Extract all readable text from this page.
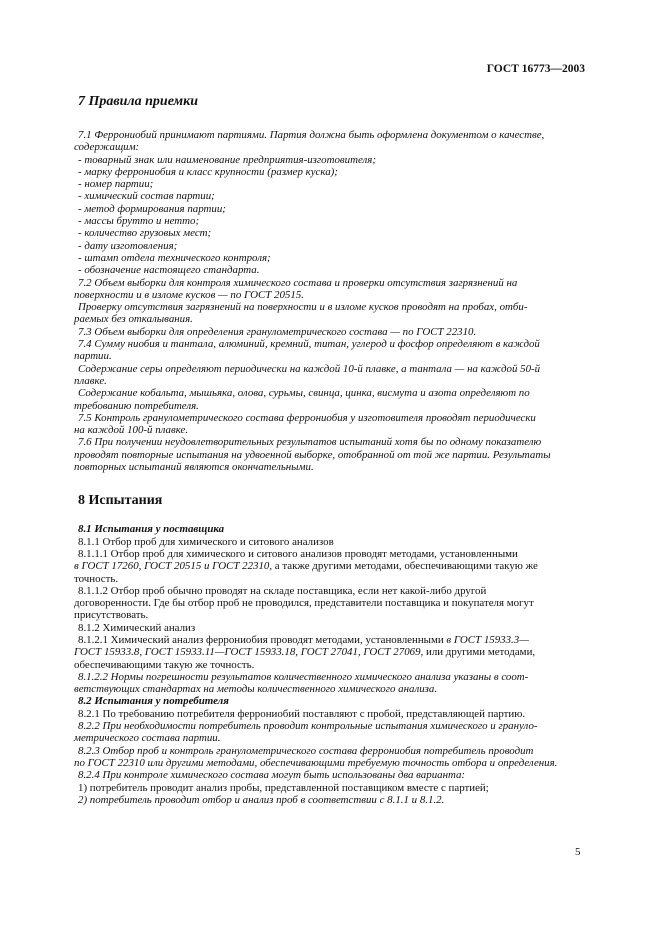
ГОСТ 16773—2003
7 Правила приемки

7.1 Феррониобий принимают партиями. Партия должна быть оформлена документом о качестве,

содержащим:

- товарный знак или наименование предприятия-изготовителя;

- марку феррониобия и класс крупности (размер куска);

- номер партии;

- химический состав партии;

- метод формирования партии;

- массы брутто и нетто;

- количество грузовых мест;

- дату изготовления;

- штамп отдела технического контроля;

- обозначение настоящего стандарта.

7.2 Объем выборки для контроля химического состава и проверки отсутствия загрязнений на

поверхности и в изломе кусков — по ГОСТ 20515.

Проверку отсутствия загрязнений на поверхности и в изломе кусков проводят на пробах, отби-

раемых без откалывания.

7.3 Объем выборки для определения гранулометрического состава — по ГОСТ 22310.

7.4 Сумму ниобия и тантала, алюминий, кремний, титан, углерод и фосфор определяют в каждой

партии.

Содержание серы определяют периодически на каждой 10-й плавке, а тантала — на каждой 50-й

плавке.

Содержание кобальта, мышьяка, олова, сурьмы, свинца, цинка, висмута и азота определяют по

требованию потребителя.

7.5 Контроль гранулометрического состава феррониобия у изготовителя проводят периодически

на каждой 100-й плавке.

7.6 При получении неудовлетворительных результатов испытаний хотя бы по одному показателю

проводят повторные испытания на удвоенной выборке, отобранной от той же партии. Результаты

повторных испытаний являются окончательными.

8 Испытания

8.1 Испытания у поставщика

8.1.1 Отбор проб для химического и ситового анализов

8.1.1.1 Отбор проб для химического и ситового анализов проводят методами, установленными

в ГОСТ 17260, ГОСТ 20515 и ГОСТ 22310, а также другими методами, обеспечивающими такую же

точность.

8.1.1.2 Отбор проб обычно проводят на складе поставщика, если нет какой-либо другой

договоренности. Где бы отбор проб не проводился, представители поставщика и покупателя могут

присутствовать.

8.1.2 Химический анализ

8.1.2.1 Химический анализ феррониобия проводят методами, установленными в ГОСТ 15933.3—

ГОСТ 15933.8, ГОСТ 15933.11—ГОСТ 15933.18, ГОСТ 27041, ГОСТ 27069, или другими методами,

обеспечивающими такую же точность.

8.1.2.2 Нормы погрешности результатов количественного химического анализа указаны в соот-

ветствующих стандартах на методы количественного химического анализа.

8.2 Испытания у потребителя

8.2.1 По требованию потребителя феррониобий поставляют с пробой, представляющей партию.

8.2.2 При необходимости потребитель проводит контрольные испытания химического и грануло-

метрического состава партии.

8.2.3 Отбор проб и контроль гранулометрического состава феррониобия потребитель проводит

по ГОСТ 22310 или другими методами, обеспечивающими требуемую точность отбора и определения.

8.2.4 При контроле химического состава могут быть использованы два варианта:

1) потребитель проводит анализ пробы, представленной поставщиком вместе с партией;

2) потребитель проводит отбор и анализ проб в соответствии с 8.1.1 и 8.1.2.

5
